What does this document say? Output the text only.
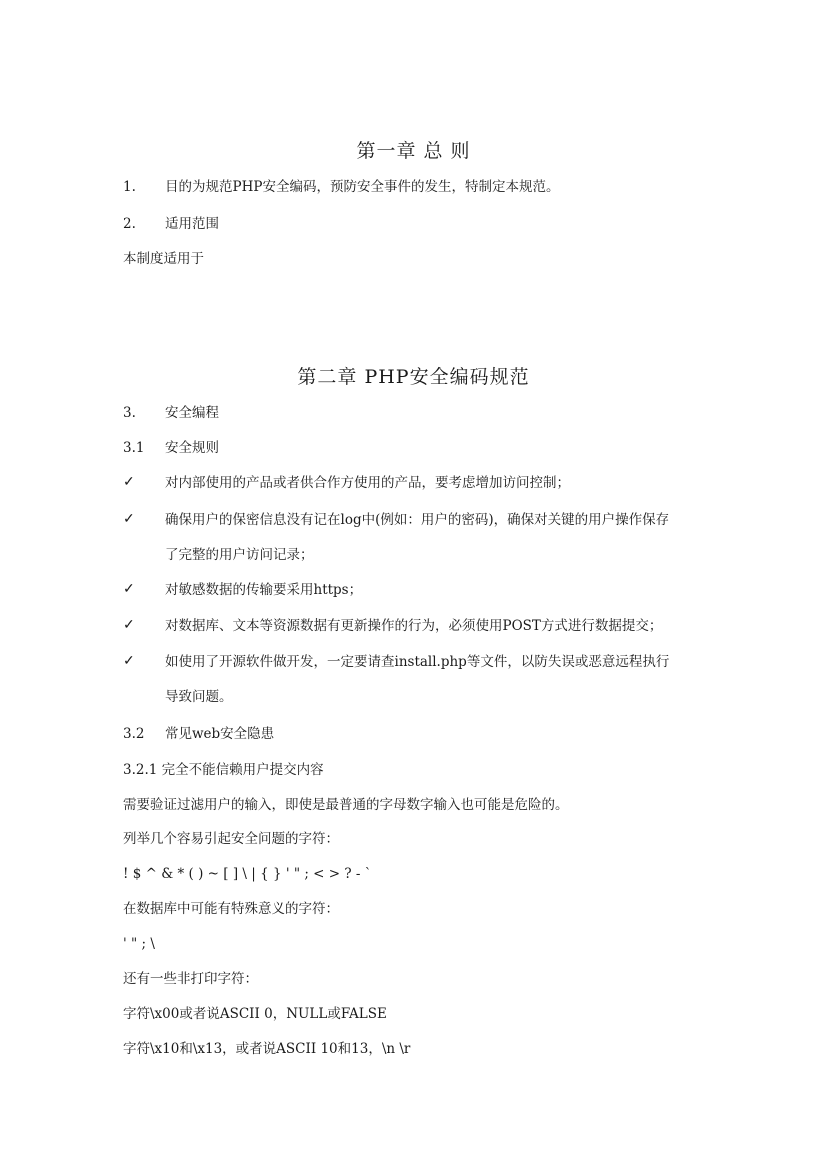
第一章 总 则
1. 目的为规范PHP安全编码，预防安全事件的发生，特制定本规范。
2. 适用范围
本制度适用于
第二章 PHP安全编码规范
3. 安全编程
3.1 安全规则
✓ 对内部使用的产品或者供合作方使用的产品，要考虑增加访问控制；
✓ 确保用户的保密信息没有记在log中(例如：用户的密码)，确保对关键的用户操作保存
了完整的用户访问记录；
✓ 对敏感数据的传输要采用https；
✓ 对数据库、文本等资源数据有更新操作的行为，必须使用POST方式进行数据提交；
✓ 如使用了开源软件做开发，一定要请查install.php等文件，以防失误或恶意远程执行
导致问题。
3.2 常见web安全隐患
3.2.1 完全不能信赖用户提交内容
需要验证过滤用户的输入，即使是最普通的字母数字输入也可能是危险的。
列举几个容易引起安全问题的字符：
! $ ^ & * ( ) ~ [ ] \ | { } ' " ; < > ? - `
在数据库中可能有特殊意义的字符：
' " ; \
还有一些非打印字符：
字符\x00或者说ASCII 0，NULL或FALSE
字符\x10和\x13，或者说ASCII 10和13，\n \r
